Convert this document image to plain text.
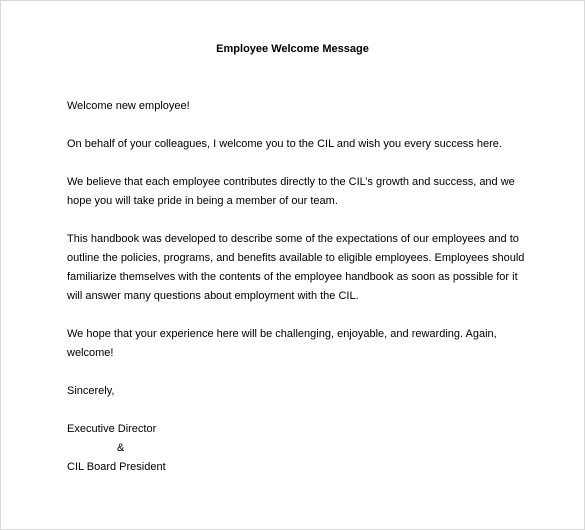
Employee Welcome Message

Welcome new employee!

On behalf of your colleagues, I welcome you to the CIL and wish you every success here.

We believe that each employee contributes directly to the CIL’s growth and success, and we
hope you will take pride in being a member of our team.

This handbook was developed to describe some of the expectations of our employees and to
outline the policies, programs, and benefits available to eligible employees. Employees should
familiarize themselves with the contents of the employee handbook as soon as possible for it
will answer many questions about employment with the CIL.

We hope that your experience here will be challenging, enjoyable, and rewarding. Again,
welcome!

Sincerely,

Executive Director

&

CIL Board President
